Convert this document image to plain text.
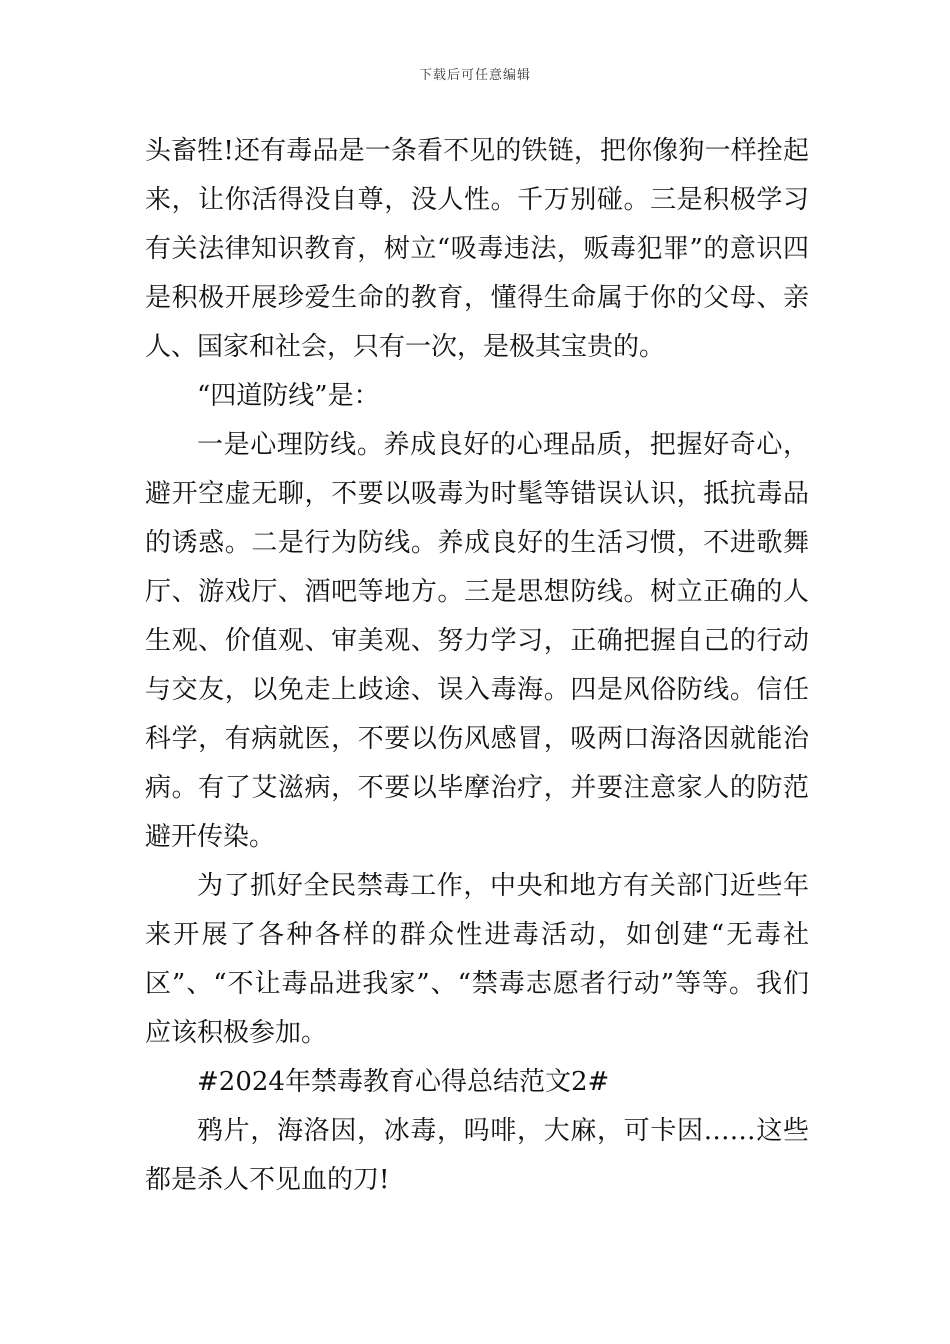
下载后可任意编辑

头畜牲!还有毒品是一条看不见的铁链，把你像狗一样拴起来，让你活得没自尊，没人性。千万别碰。三是积极学习有关法律知识教育，树立“吸毒违法，贩毒犯罪”的意识四是积极开展珍爱生命的教育，懂得生命属于你的父母、亲人、国家和社会，只有一次，是极其宝贵的。

“四道防线”是：

一是心理防线。养成良好的心理品质，把握好奇心，避开空虚无聊，不要以吸毒为时髦等错误认识，抵抗毒品的诱惑。二是行为防线。养成良好的生活习惯，不进歌舞厅、游戏厅、酒吧等地方。三是思想防线。树立正确的人生观、价值观、审美观、努力学习，正确把握自己的行动与交友，以免走上歧途、误入毒海。四是风俗防线。信任科学，有病就医，不要以伤风感冒，吸两口海洛因就能治病。有了艾滋病，不要以毕摩治疗，并要注意家人的防范避开传染。

为了抓好全民禁毒工作，中央和地方有关部门近些年来开展了各种各样的群众性进毒活动，如创建“无毒社区”、“不让毒品进我家”、“禁毒志愿者行动”等等。我们应该积极参加。

#2024年禁毒教育心得总结范文2#

鸦片，海洛因，冰毒，吗啡，大麻，可卡因……这些都是杀人不见血的刀!
